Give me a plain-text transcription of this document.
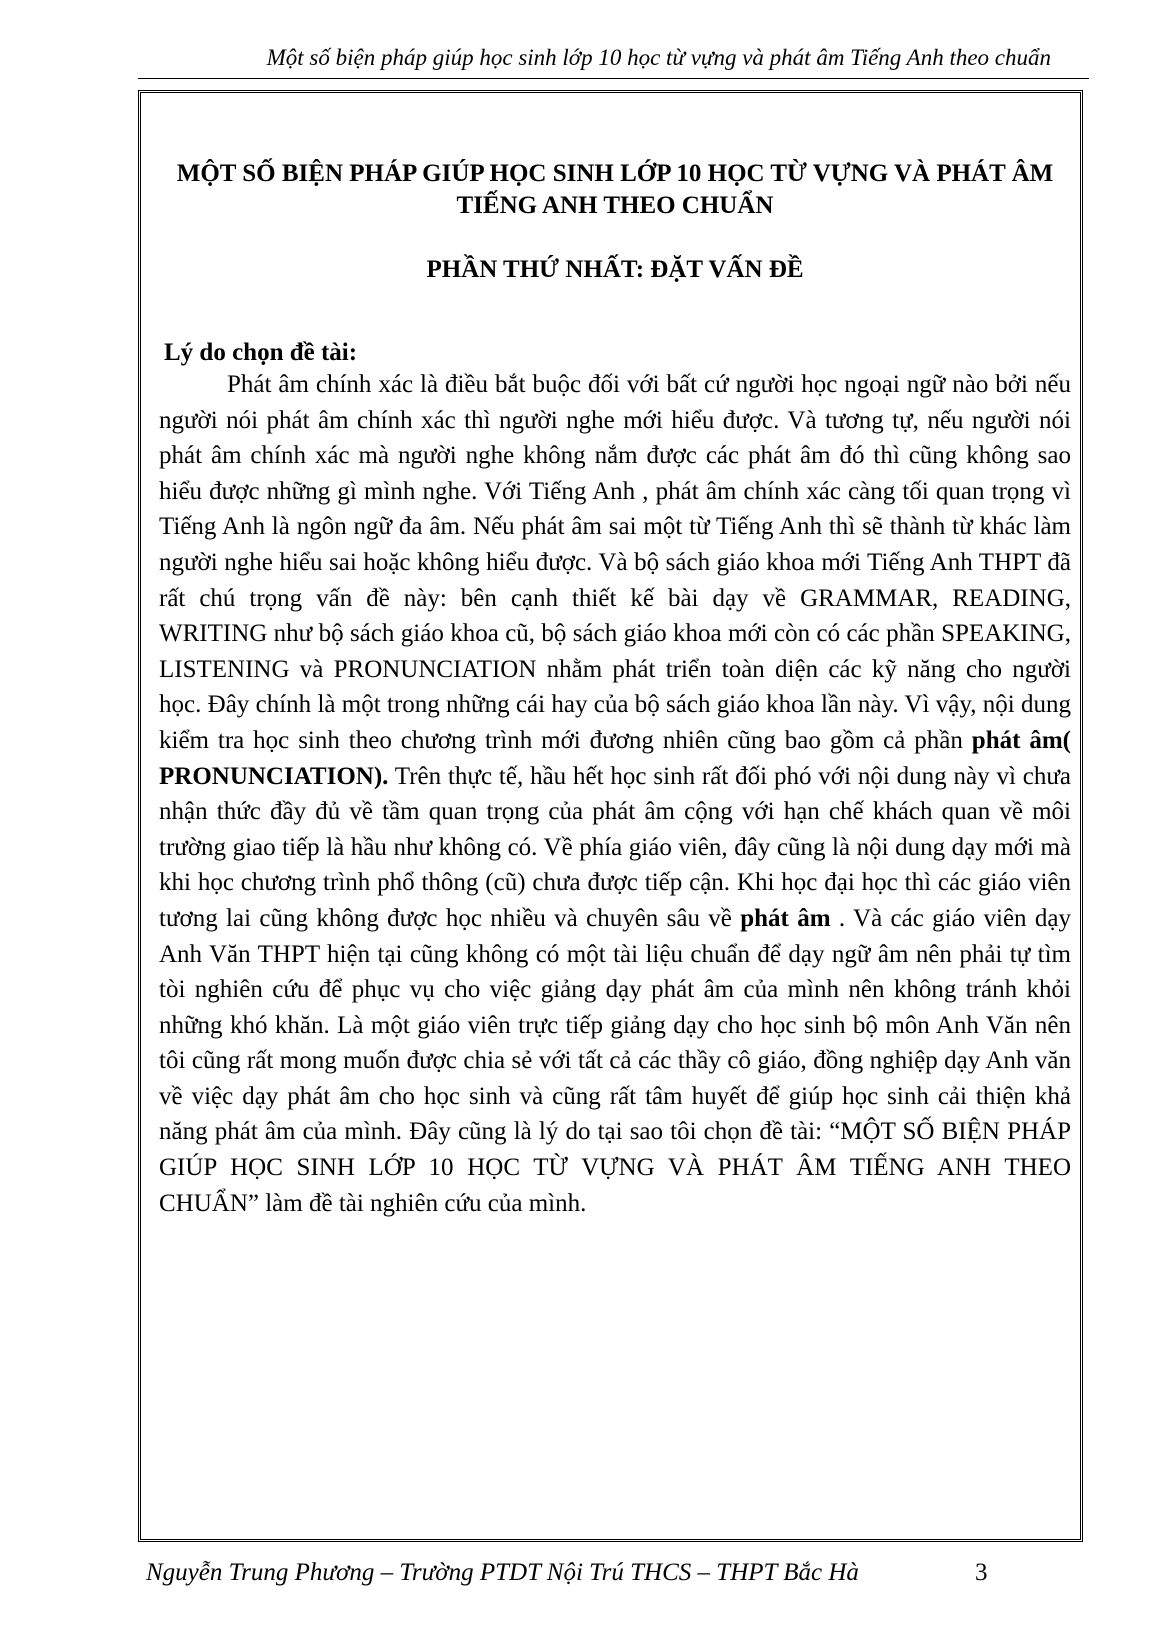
Một số biện pháp giúp học sinh lớp 10 học từ vựng và phát âm Tiếng Anh theo chuẩn
MỘT SỐ BIỆN PHÁP GIÚP HỌC SINH LỚP 10 HỌC TỪ VỰNG VÀ PHÁT ÂM TIẾNG ANH THEO CHUẨN
PHẦN THỨ NHẤT: ĐẶT VẤN ĐỀ
Lý do chọn đề tài:

Phát âm chính xác là điều bắt buộc đối với bất cứ người học ngoại ngữ nào bởi nếu người nói phát âm chính xác thì người nghe mới hiểu được. Và tương tự, nếu người nói phát âm chính xác mà người nghe không nắm được các phát âm đó thì cũng không sao hiểu được những gì mình nghe. Với Tiếng Anh , phát âm chính xác càng tối quan trọng vì Tiếng Anh là ngôn ngữ đa âm. Nếu phát âm sai một từ Tiếng Anh thì sẽ thành từ khác làm người nghe hiểu sai hoặc không hiểu được. Và bộ sách giáo khoa mới Tiếng Anh THPT đã rất chú trọng vấn đề này: bên cạnh thiết kế bài dạy về GRAMMAR, READING, WRITING như bộ sách giáo khoa cũ, bộ sách giáo khoa mới còn có các phần SPEAKING, LISTENING và PRONUNCIATION nhằm phát triển toàn diện các kỹ năng cho người học. Đây chính là một trong những cái hay của bộ sách giáo khoa lần này. Vì vậy, nội dung kiểm tra học sinh theo chương trình mới đương nhiên cũng bao gồm cả phần phát âm( PRONUNCIATION). Trên thực tế, hầu hết học sinh rất đối phó với nội dung này vì chưa nhận thức đầy đủ về tầm quan trọng của phát âm cộng với hạn chế khách quan về môi trường giao tiếp là hầu như không có. Về phía giáo viên, đây cũng là nội dung dạy mới mà khi học chương trình phổ thông (cũ) chưa được tiếp cận. Khi học đại học thì các giáo viên tương lai cũng không được học nhiều và chuyên sâu về phát âm . Và các giáo viên dạy Anh Văn THPT hiện tại cũng không có một tài liệu chuẩn để dạy ngữ âm nên phải tự tìm tòi nghiên cứu để phục vụ cho việc giảng dạy phát âm của mình nên không tránh khỏi những khó khăn. Là một giáo viên trực tiếp giảng dạy cho học sinh bộ môn Anh Văn nên tôi cũng rất mong muốn được chia sẻ với tất cả các thầy cô giáo, đồng nghiệp dạy Anh văn về việc dạy phát âm cho học sinh và cũng rất tâm huyết để giúp học sinh cải thiện khả năng phát âm của mình. Đây cũng là lý do tại sao tôi chọn đề tài: “MỘT SỐ BIỆN PHÁP GIÚP HỌC SINH LỚP 10 HỌC TỪ VỰNG VÀ PHÁT ÂM TIẾNG ANH THEO CHUẨN” làm đề tài nghiên cứu của mình.

Nguyễn Trung Phương – Trường PTDT Nội Trú THCS – THPT Bắc Hà	3
